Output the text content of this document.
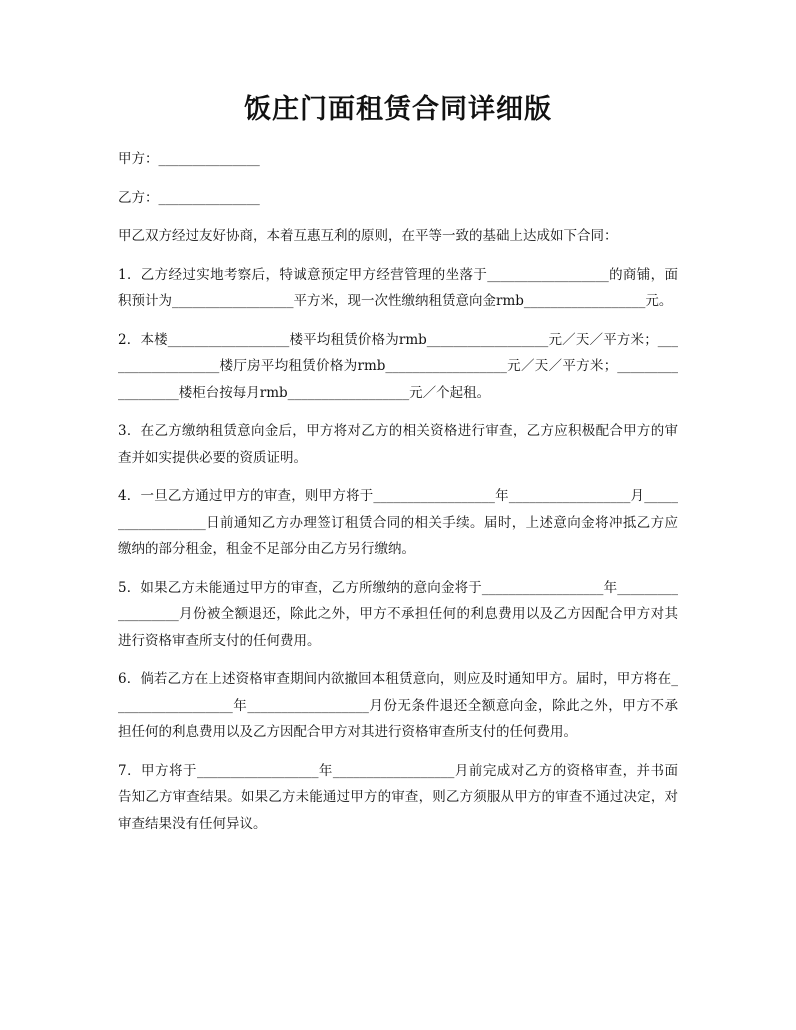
饭庄门面租赁合同详细版

甲方：_______________

乙方：_______________

甲乙双方经过友好协商，本着互惠互利的原则，在平等一致的基础上达成如下合同：

1．乙方经过实地考察后，特诚意预定甲方经营管理的坐落于__________________的商铺，面积预计为__________________平方米，现一次性缴纳租赁意向金rmb__________________元。

2．本楼__________________楼平均租赁价格为rmb__________________元／天／平方米；__________________楼厅房平均租赁价格为rmb__________________元／天／平方米；__________________楼柜台按每月rmb__________________元／个起租。

3．在乙方缴纳租赁意向金后，甲方将对乙方的相关资格进行审查，乙方应积极配合甲方的审查并如实提供必要的资质证明。

4．一旦乙方通过甲方的审查，则甲方将于__________________年__________________月__________________日前通知乙方办理签订租赁合同的相关手续。届时，上述意向金将冲抵乙方应缴纳的部分租金，租金不足部分由乙方另行缴纳。

5．如果乙方未能通过甲方的审查，乙方所缴纳的意向金将于__________________年__________________月份被全额退还，除此之外，甲方不承担任何的利息费用以及乙方因配合甲方对其进行资格审查所支付的任何费用。

6．倘若乙方在上述资格审查期间内欲撤回本租赁意向，则应及时通知甲方。届时，甲方将在__________________年__________________月份无条件退还全额意向金，除此之外，甲方不承担任何的利息费用以及乙方因配合甲方对其进行资格审查所支付的任何费用。

7．甲方将于__________________年__________________月前完成对乙方的资格审查，并书面告知乙方审查结果。如果乙方未能通过甲方的审查，则乙方须服从甲方的审查不通过决定，对审查结果没有任何异议。
